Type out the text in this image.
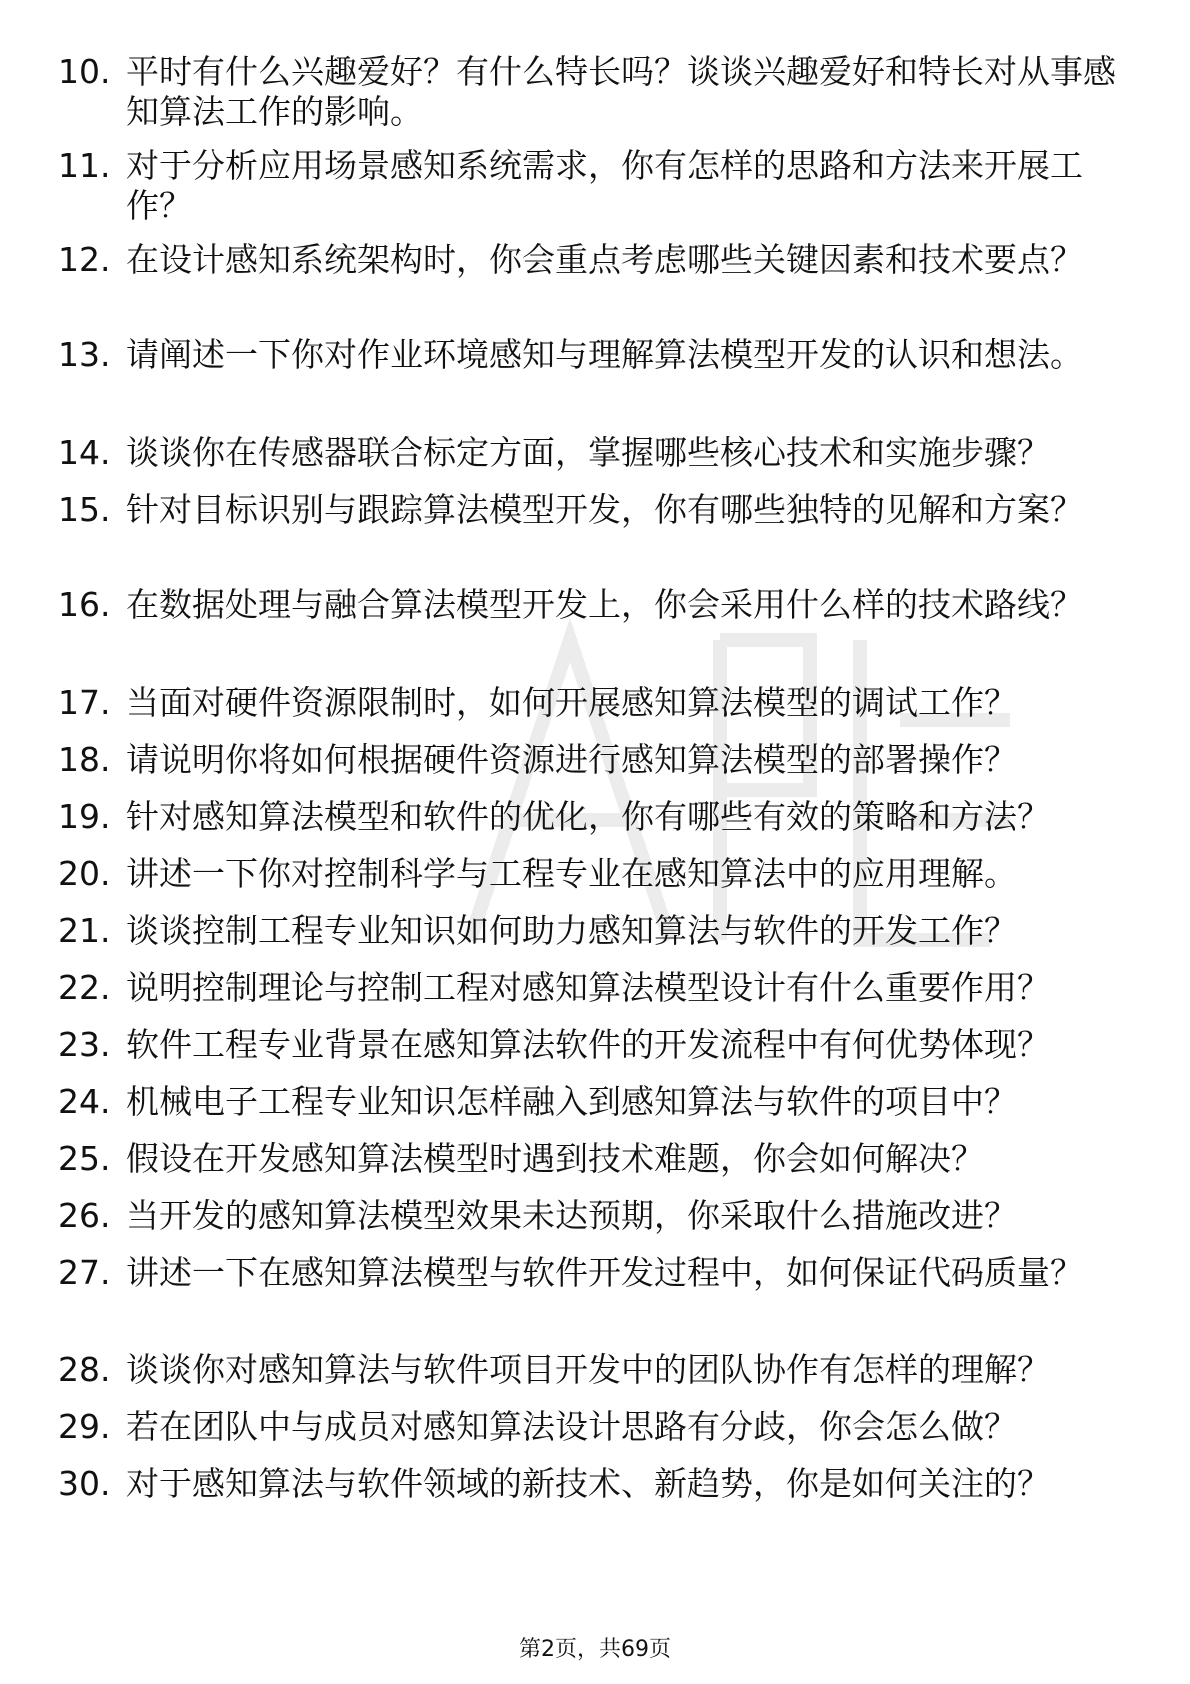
10. 平时有什么兴趣爱好？有什么特长吗？谈谈兴趣爱好和特长对从事感知算法工作的影响。
11. 对于分析应用场景感知系统需求，你有怎样的思路和方法来开展工作？
12. 在设计感知系统架构时，你会重点考虑哪些关键因素和技术要点？
13. 请阐述一下你对作业环境感知与理解算法模型开发的认识和想法。
14. 谈谈你在传感器联合标定方面，掌握哪些核心技术和实施步骤？
15. 针对目标识别与跟踪算法模型开发，你有哪些独特的见解和方案？
16. 在数据处理与融合算法模型开发上，你会采用什么样的技术路线？
17. 当面对硬件资源限制时，如何开展感知算法模型的调试工作？
18. 请说明你将如何根据硬件资源进行感知算法模型的部署操作？
19. 针对感知算法模型和软件的优化，你有哪些有效的策略和方法？
20. 讲述一下你对控制科学与工程专业在感知算法中的应用理解。
21. 谈谈控制工程专业知识如何助力感知算法与软件的开发工作？
22. 说明控制理论与控制工程对感知算法模型设计有什么重要作用？
23. 软件工程专业背景在感知算法软件的开发流程中有何优势体现？
24. 机械电子工程专业知识怎样融入到感知算法与软件的项目中？
25. 假设在开发感知算法模型时遇到技术难题，你会如何解决？
26. 当开发的感知算法模型效果未达预期，你采取什么措施改进？
27. 讲述一下在感知算法模型与软件开发过程中，如何保证代码质量？
28. 谈谈你对感知算法与软件项目开发中的团队协作有怎样的理解？
29. 若在团队中与成员对感知算法设计思路有分歧，你会怎么做？
30. 对于感知算法与软件领域的新技术、新趋势，你是如何关注的？
第2页，共69页
